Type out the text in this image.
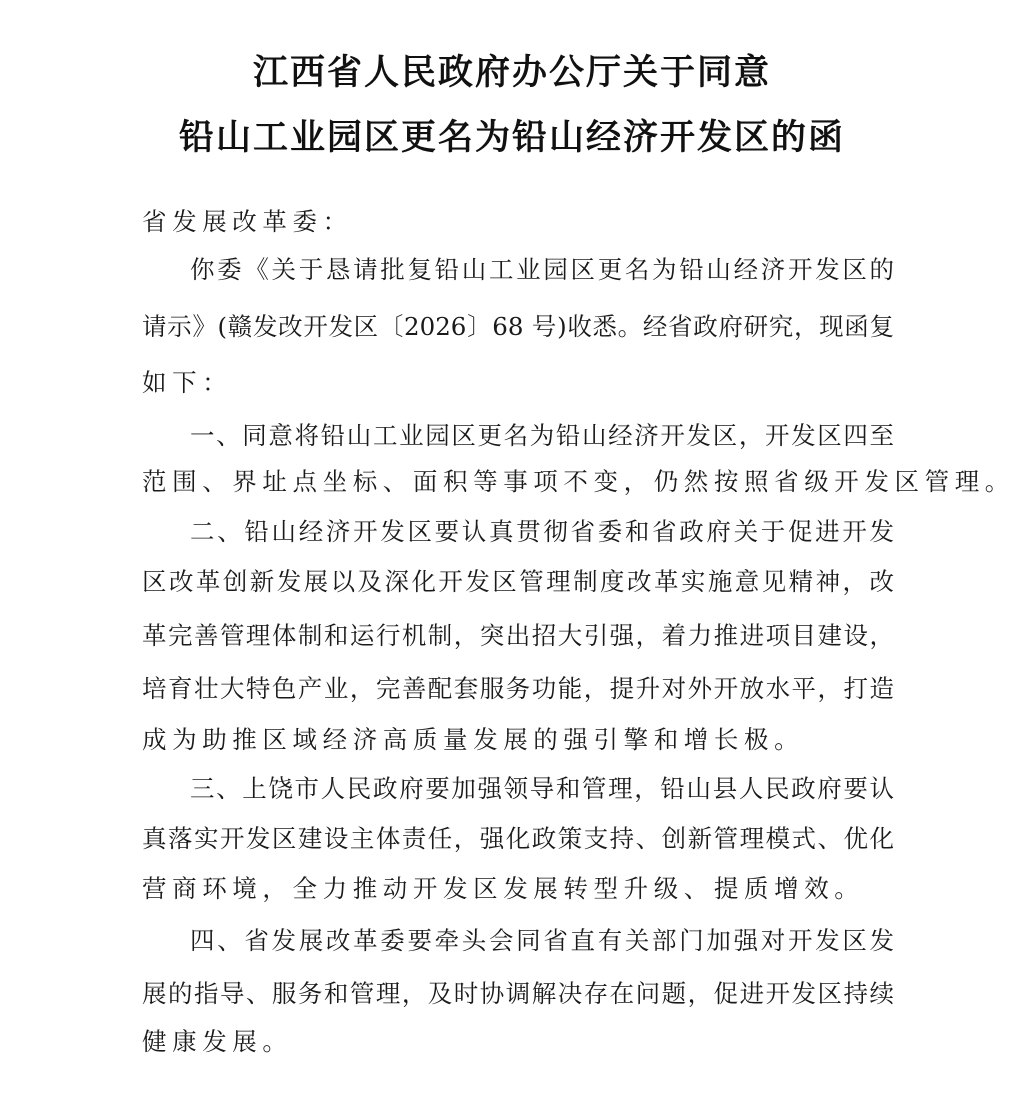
江西省人民政府办公厅关于同意
铅山工业园区更名为铅山经济开发区的函
省发展改革委：
你委《关于恳请批复铅山工业园区更名为铅山经济开发区的
请示》(赣发改开发区〔2026〕68 号)收悉。经省政府研究，现函复
如下：
一、同意将铅山工业园区更名为铅山经济开发区，开发区四至
范围、界址点坐标、面积等事项不变，仍然按照省级开发区管理。
二、铅山经济开发区要认真贯彻省委和省政府关于促进开发
区改革创新发展以及深化开发区管理制度改革实施意见精神，改
革完善管理体制和运行机制，突出招大引强，着力推进项目建设，
培育壮大特色产业，完善配套服务功能，提升对外开放水平，打造
成为助推区域经济高质量发展的强引擎和增长极。
三、上饶市人民政府要加强领导和管理，铅山县人民政府要认
真落实开发区建设主体责任，强化政策支持、创新管理模式、优化
营商环境，全力推动开发区发展转型升级、提质增效。
四、省发展改革委要牵头会同省直有关部门加强对开发区发
展的指导、服务和管理，及时协调解决存在问题，促进开发区持续
健康发展。
